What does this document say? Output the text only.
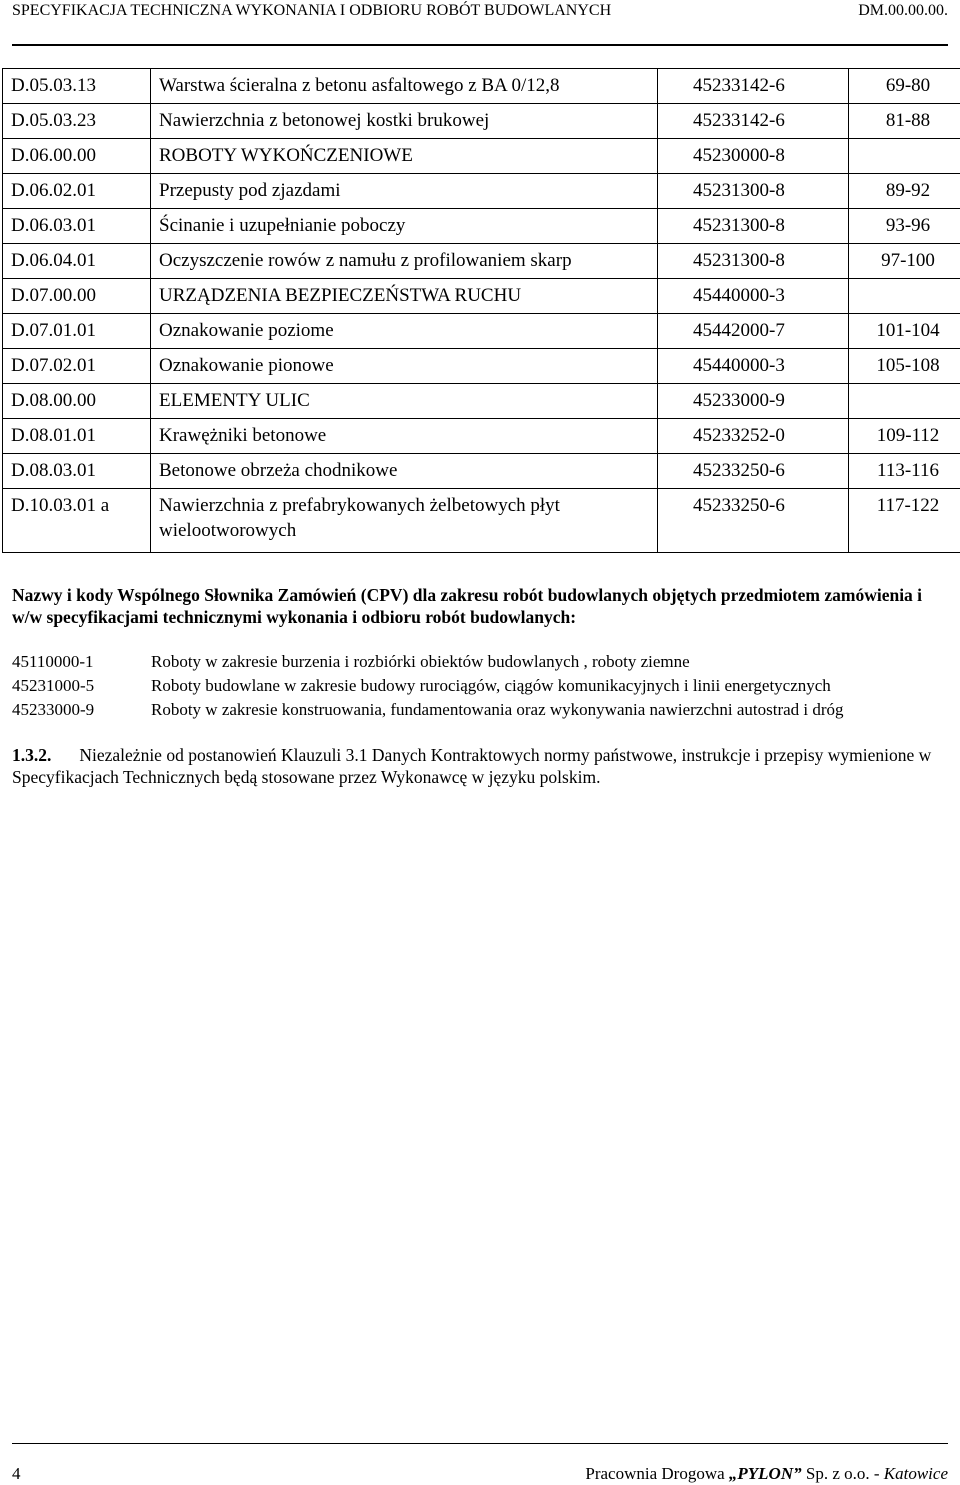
SPECYFIKACJA TECHNICZNA WYKONANIA I ODBIORU ROBÓT BUDOWLANYCH	DM.00.00.00.
D.05.03.13	Warstwa ścieralna z betonu asfaltowego z BA 0/12,8	45233142-6	69-80
D.05.03.23	Nawierzchnia z betonowej kostki brukowej	45233142-6	81-88
D.06.00.00	ROBOTY WYKOŃCZENIOWE	45230000-8	
D.06.02.01	Przepusty pod zjazdami	45231300-8	89-92
D.06.03.01	Ścinanie i uzupełnianie poboczy	45231300-8	93-96
D.06.04.01	Oczyszczenie rowów z namułu z profilowaniem skarp	45231300-8	97-100
D.07.00.00	URZĄDZENIA BEZPIECZEŃSTWA RUCHU	45440000-3	
D.07.01.01	Oznakowanie poziome	45442000-7	101-104
D.07.02.01	Oznakowanie pionowe	45440000-3	105-108
D.08.00.00	ELEMENTY ULIC	45233000-9	
D.08.01.01	Krawężniki betonowe	45233252-0	109-112
D.08.03.01	Betonowe obrzeża chodnikowe	45233250-6	113-116
D.10.03.01 a	Nawierzchnia z prefabrykowanych żelbetowych płyt wielootworowych	45233250-6	117-122
Nazwy i kody Wspólnego Słownika Zamówień (CPV) dla zakresu robót budowlanych objętych przedmiotem zamówienia i w/w specyfikacjami technicznymi wykonania i odbioru robót budowlanych:
45110000-1	Roboty w zakresie burzenia i rozbiórki obiektów budowlanych , roboty ziemne
45231000-5	Roboty budowlane w zakresie budowy rurociągów, ciągów komunikacyjnych i linii energetycznych
45233000-9	Roboty w zakresie konstruowania, fundamentowania oraz wykonywania nawierzchni autostrad i dróg
1.3.2. Niezależnie od postanowień Klauzuli 3.1 Danych Kontraktowych normy państwowe, instrukcje i przepisy wymienione w Specyfikacjach Technicznych będą stosowane przez Wykonawcę w języku polskim.
4	Pracownia Drogowa „PYLON” Sp. z o.o. - Katowice
